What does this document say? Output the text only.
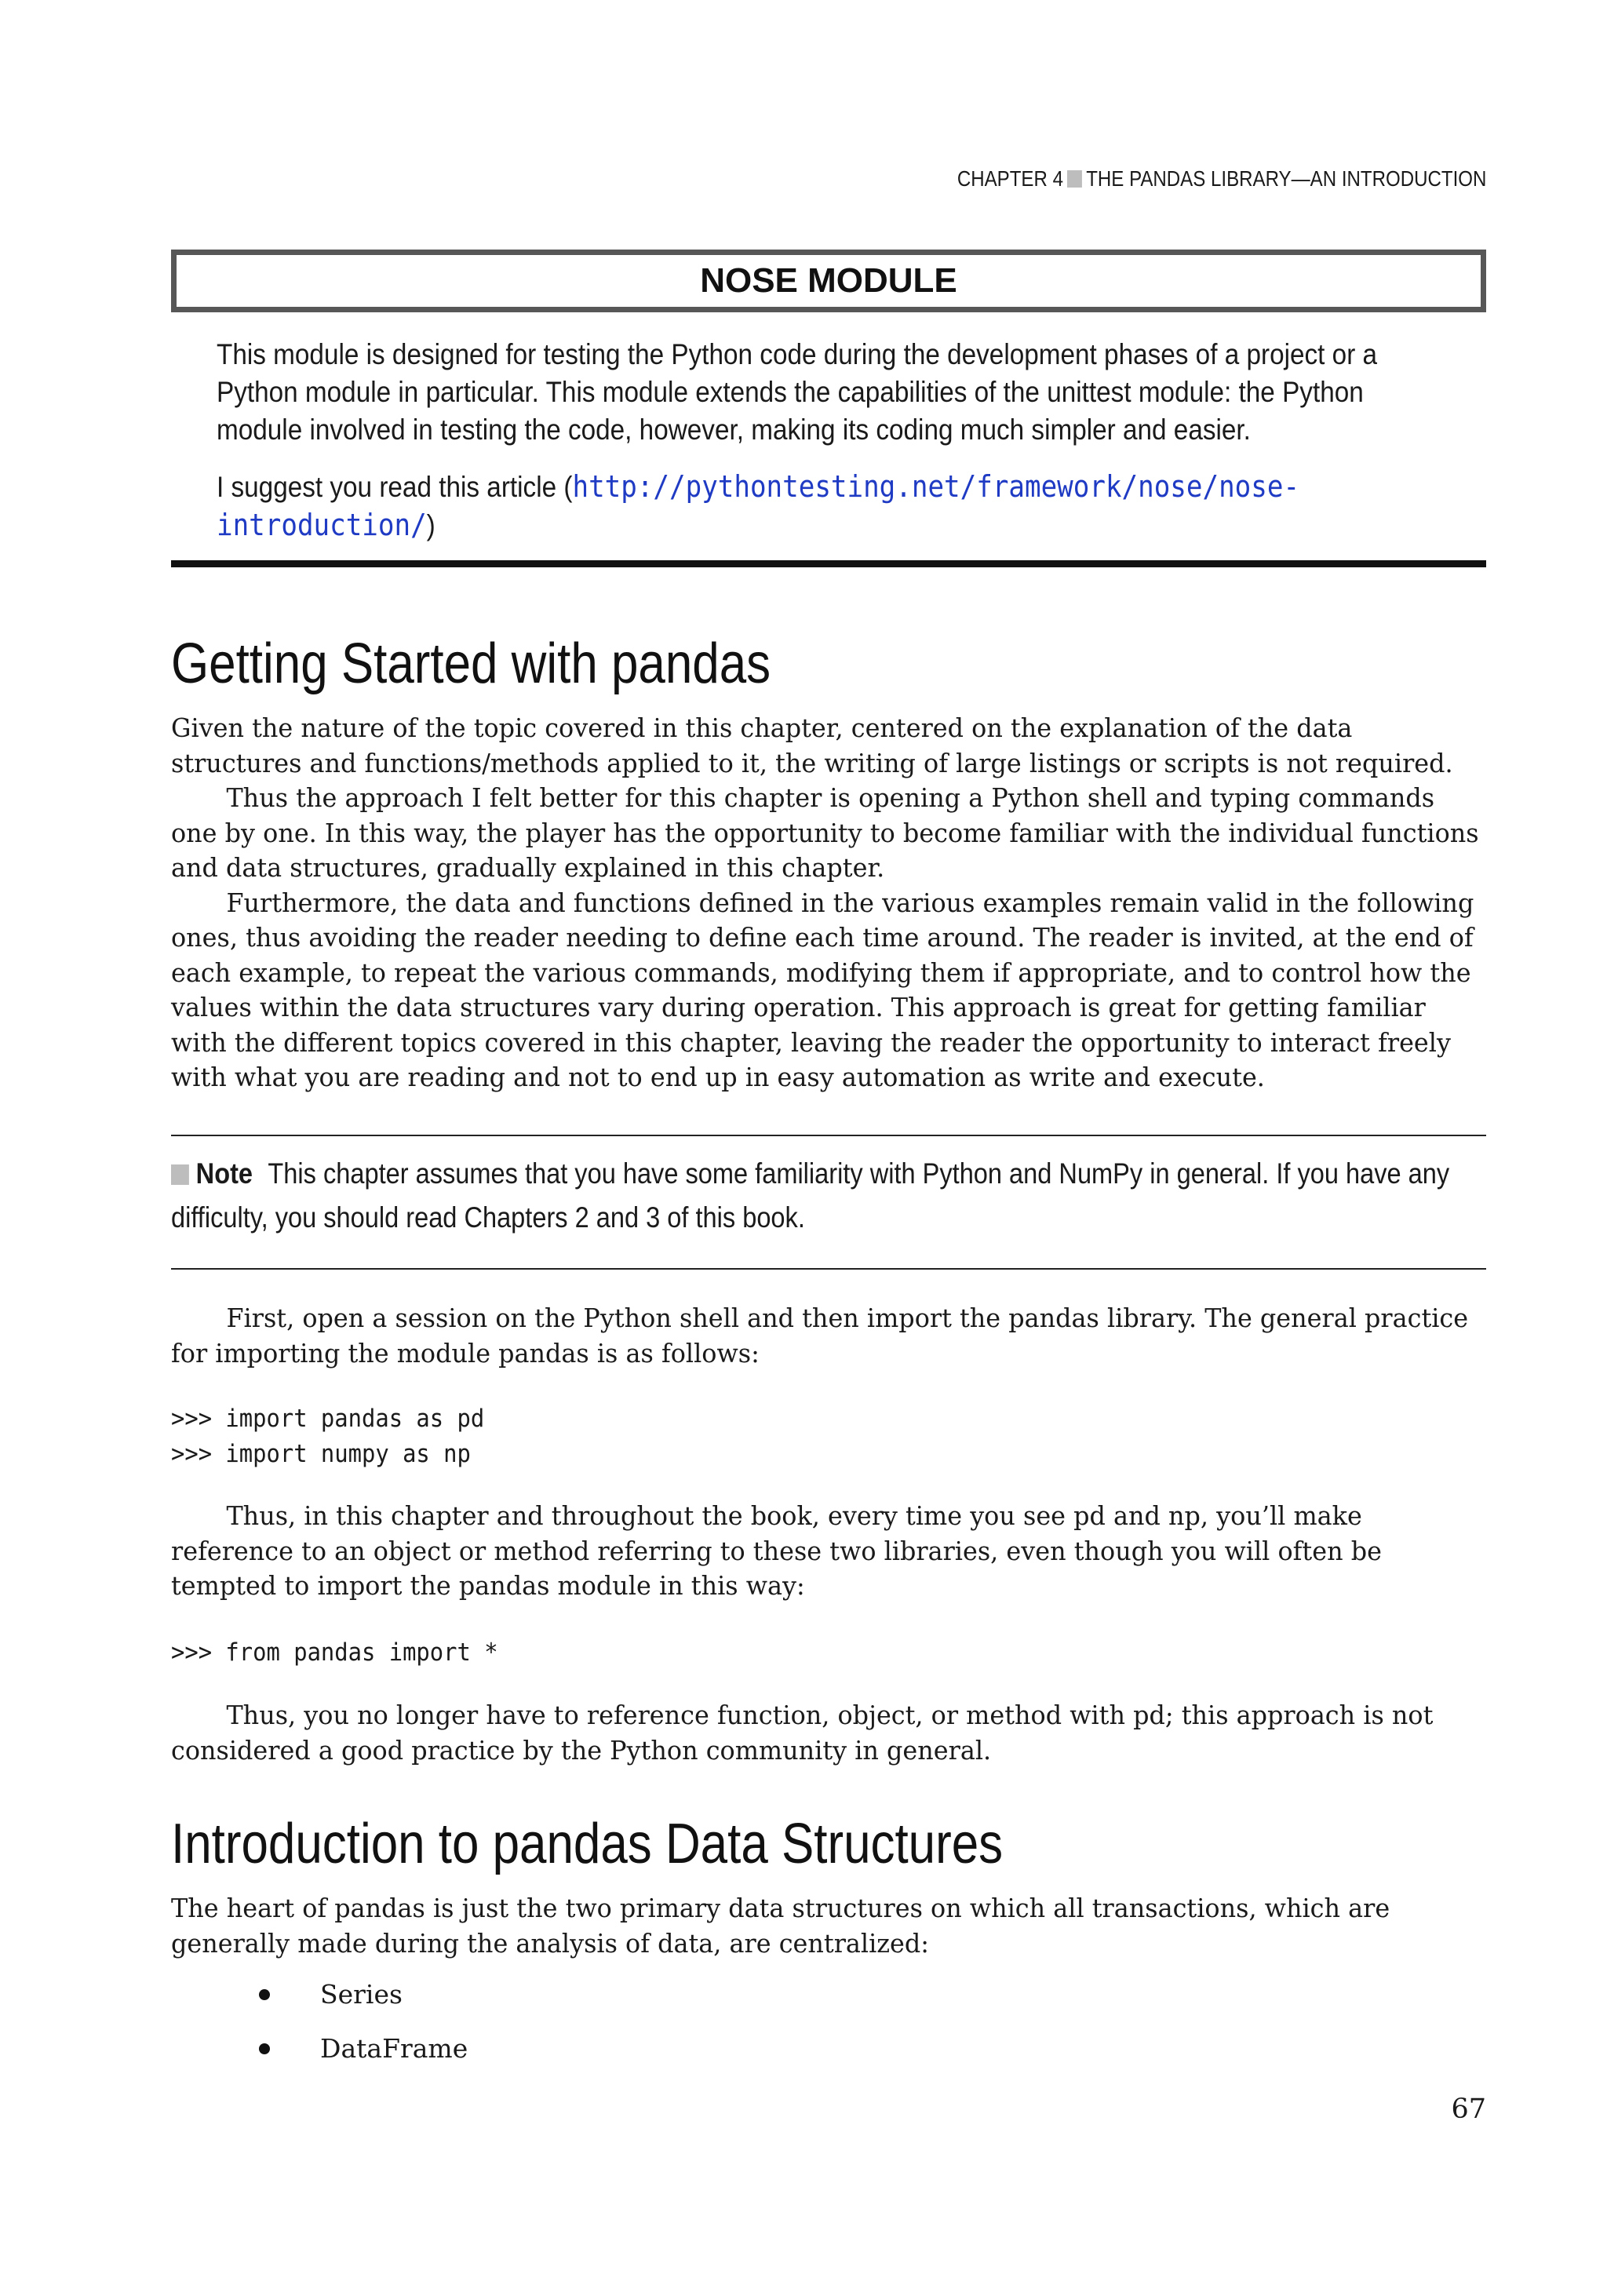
CHAPTER 4 THE PANDAS LIBRARY—AN INTRODUCTION
NOSE MODULE

This module is designed for testing the Python code during the development phases of a project or a Python module in particular. This module extends the capabilities of the unittest module: the Python module involved in testing the code, however, making its coding much simpler and easier.

I suggest you read this article (http://pythontesting.net/framework/nose/nose-introduction/)

Getting Started with pandas

Given the nature of the topic covered in this chapter, centered on the explanation of the data structures and functions/methods applied to it, the writing of large listings or scripts is not required.

Thus the approach I felt better for this chapter is opening a Python shell and typing commands one by one. In this way, the player has the opportunity to become familiar with the individual functions and data structures, gradually explained in this chapter.

Furthermore, the data and functions defined in the various examples remain valid in the following ones, thus avoiding the reader needing to define each time around. The reader is invited, at the end of each example, to repeat the various commands, modifying them if appropriate, and to control how the values within the data structures vary during operation. This approach is great for getting familiar with the different topics covered in this chapter, leaving the reader the opportunity to interact freely with what you are reading and not to end up in easy automation as write and execute.

Note This chapter assumes that you have some familiarity with Python and NumPy in general. If you have any difficulty, you should read Chapters 2 and 3 of this book.

First, open a session on the Python shell and then import the pandas library. The general practice for importing the module pandas is as follows:

>>> import pandas as pd
>>> import numpy as np

Thus, in this chapter and throughout the book, every time you see pd and np, you’ll make reference to an object or method referring to these two libraries, even though you will often be tempted to import the pandas module in this way:

>>> from pandas import *

Thus, you no longer have to reference function, object, or method with pd; this approach is not considered a good practice by the Python community in general.

Introduction to pandas Data Structures

The heart of pandas is just the two primary data structures on which all transactions, which are generally made during the analysis of data, are centralized:

Series
DataFrame
67
